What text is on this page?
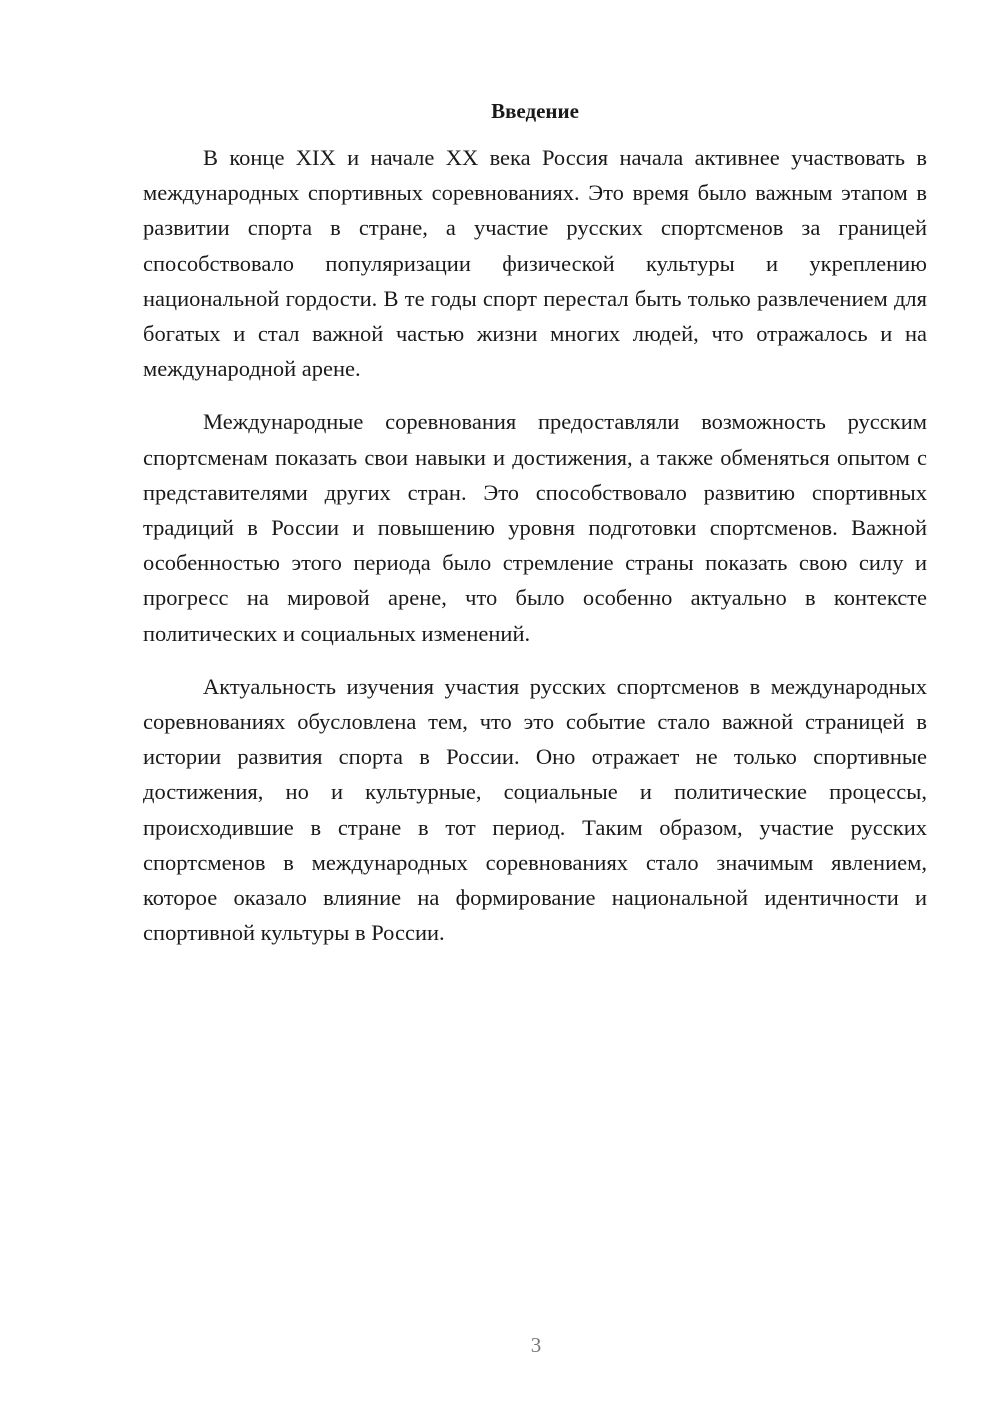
Введение

В конце XIX и начале XX века Россия начала активнее участвовать в международных спортивных соревнованиях. Это время было важным этапом в развитии спорта в стране, а участие русских спортсменов за границей способствовало популяризации физической культуры и укреплению национальной гордости. В те годы спорт перестал быть только развлечением для богатых и стал важной частью жизни многих людей, что отражалось и на международной арене.

Международные соревнования предоставляли возможность русским спортсменам показать свои навыки и достижения, а также обменяться опытом с представителями других стран. Это способствовало развитию спортивных традиций в России и повышению уровня подготовки спортсменов. Важной особенностью этого периода было стремление страны показать свою силу и прогресс на мировой арене, что было особенно актуально в контексте политических и социальных изменений.

Актуальность изучения участия русских спортсменов в международных соревнованиях обусловлена тем, что это событие стало важной страницей в истории развития спорта в России. Оно отражает не только спортивные достижения, но и культурные, социальные и политические процессы, происходившие в стране в тот период. Таким образом, участие русских спортсменов в международных соревнованиях стало значимым явлением, которое оказало влияние на формирование национальной идентичности и спортивной культуры в России.

3
